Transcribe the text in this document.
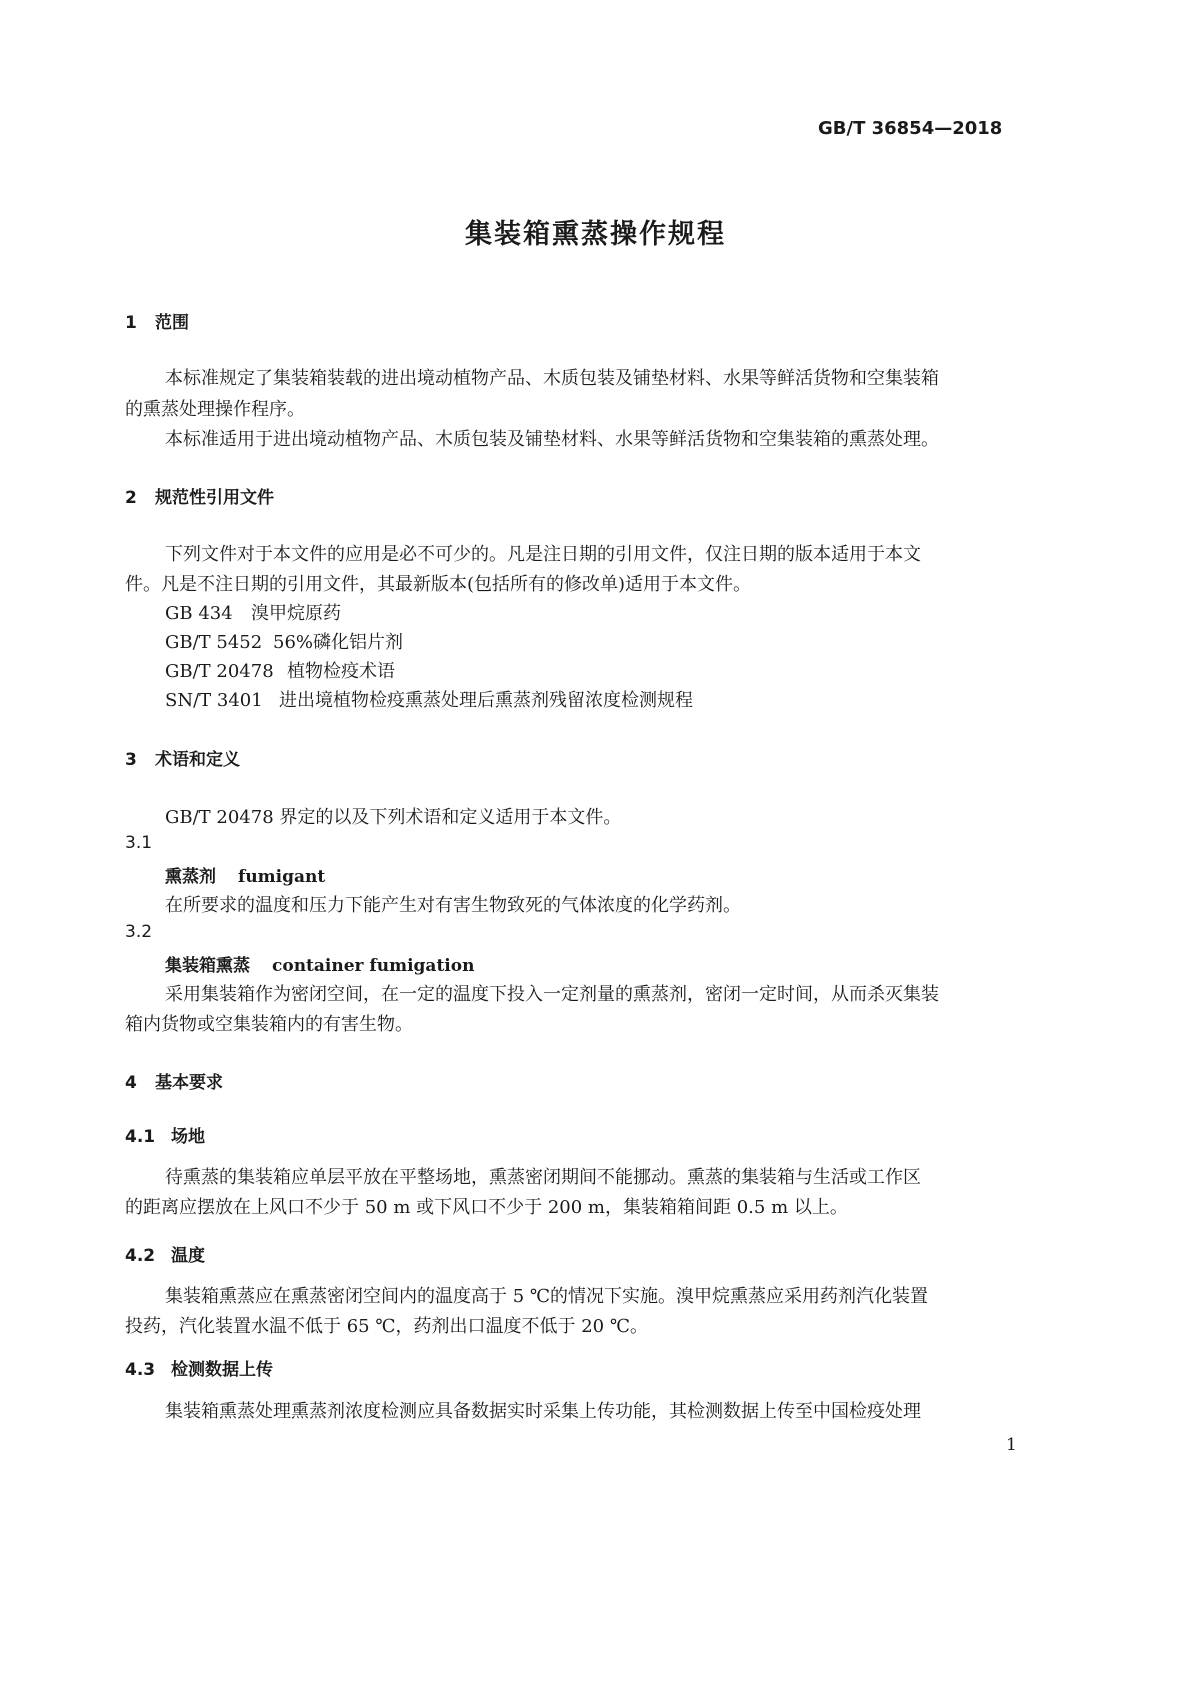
GB/T 36854—2018
集装箱熏蒸操作规程
1 范围
本标准规定了集装箱装载的进出境动植物产品、木质包装及铺垫材料、水果等鲜活货物和空集装箱
的熏蒸处理操作程序。
本标准适用于进出境动植物产品、木质包装及铺垫材料、水果等鲜活货物和空集装箱的熏蒸处理。
2 规范性引用文件
下列文件对于本文件的应用是必不可少的。凡是注日期的引用文件，仅注日期的版本适用于本文
件。凡是不注日期的引用文件，其最新版本(包括所有的修改单)适用于本文件。
GB 434 溴甲烷原药
GB/T 5452 56%磷化铝片剂
GB/T 20478 植物检疫术语
SN/T 3401 进出境植物检疫熏蒸处理后熏蒸剂残留浓度检测规程
3 术语和定义
GB/T 20478 界定的以及下列术语和定义适用于本文件。
3.1
熏蒸剂 fumigant
在所要求的温度和压力下能产生对有害生物致死的气体浓度的化学药剂。
3.2
集装箱熏蒸 container fumigation
采用集装箱作为密闭空间，在一定的温度下投入一定剂量的熏蒸剂，密闭一定时间，从而杀灭集装
箱内货物或空集装箱内的有害生物。
4 基本要求
4.1 场地
待熏蒸的集装箱应单层平放在平整场地，熏蒸密闭期间不能挪动。熏蒸的集装箱与生活或工作区
的距离应摆放在上风口不少于 50 m 或下风口不少于 200 m，集装箱箱间距 0.5 m 以上。
4.2 温度
集装箱熏蒸应在熏蒸密闭空间内的温度高于 5 ℃的情况下实施。溴甲烷熏蒸应采用药剂汽化装置
投药，汽化装置水温不低于 65 ℃，药剂出口温度不低于 20 ℃。
4.3 检测数据上传
集装箱熏蒸处理熏蒸剂浓度检测应具备数据实时采集上传功能，其检测数据上传至中国检疫处理
1
